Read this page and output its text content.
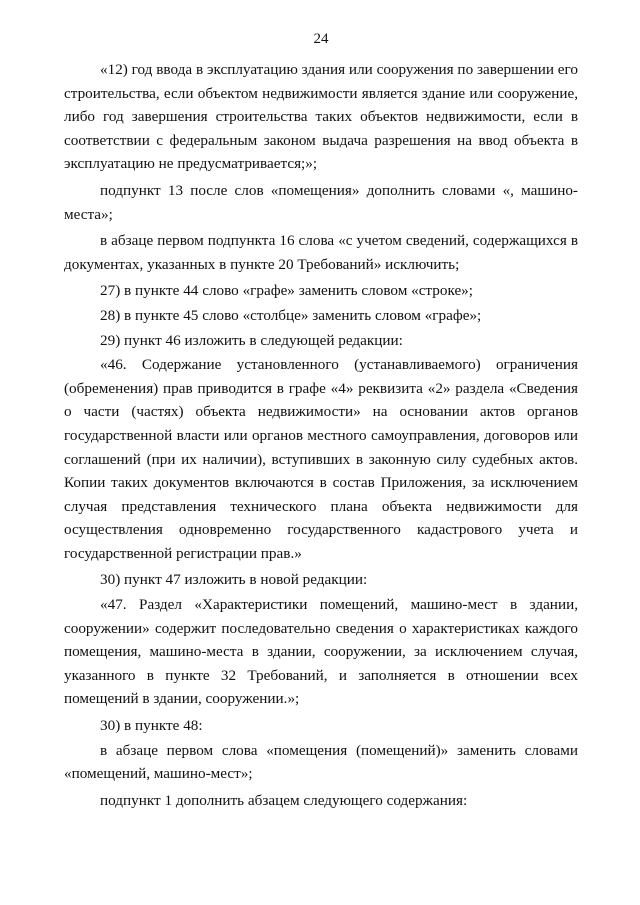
24

«12) год ввода в эксплуатацию здания или сооружения по завершении его строительства, если объектом недвижимости является здание или сооружение, либо год завершения строительства таких объектов недвижимости, если в соответствии с федеральным законом выдача разрешения на ввод объекта в эксплуатацию не предусматривается;»;

подпункт 13 после слов «помещения» дополнить словами «, машино-места»;

в абзаце первом подпункта 16 слова «с учетом сведений, содержащихся в документах, указанных в пункте 20 Требований» исключить;

27) в пункте 44 слово «графе» заменить словом «строке»;

28) в пункте 45 слово «столбце» заменить словом «графе»;

29) пункт 46 изложить в следующей редакции:

«46. Содержание установленного (устанавливаемого) ограничения (обременения) прав приводится в графе «4» реквизита «2» раздела «Сведения о части (частях) объекта недвижимости» на основании актов органов государственной власти или органов местного самоуправления, договоров или соглашений (при их наличии), вступивших в законную силу судебных актов. Копии таких документов включаются в состав Приложения, за исключением случая представления технического плана объекта недвижимости для осуществления одновременно государственного кадастрового учета и государственной регистрации прав.»

30) пункт 47 изложить в новой редакции:

«47. Раздел «Характеристики помещений, машино-мест в здании, сооружении» содержит последовательно сведения о характеристиках каждого помещения, машино-места в здании, сооружении, за исключением случая, указанного в пункте 32 Требований, и заполняется в отношении всех помещений в здании, сооружении.»;

30) в пункте 48:

в абзаце первом слова «помещения (помещений)» заменить словами «помещений, машино-мест»;

подпункт 1 дополнить абзацем следующего содержания:
